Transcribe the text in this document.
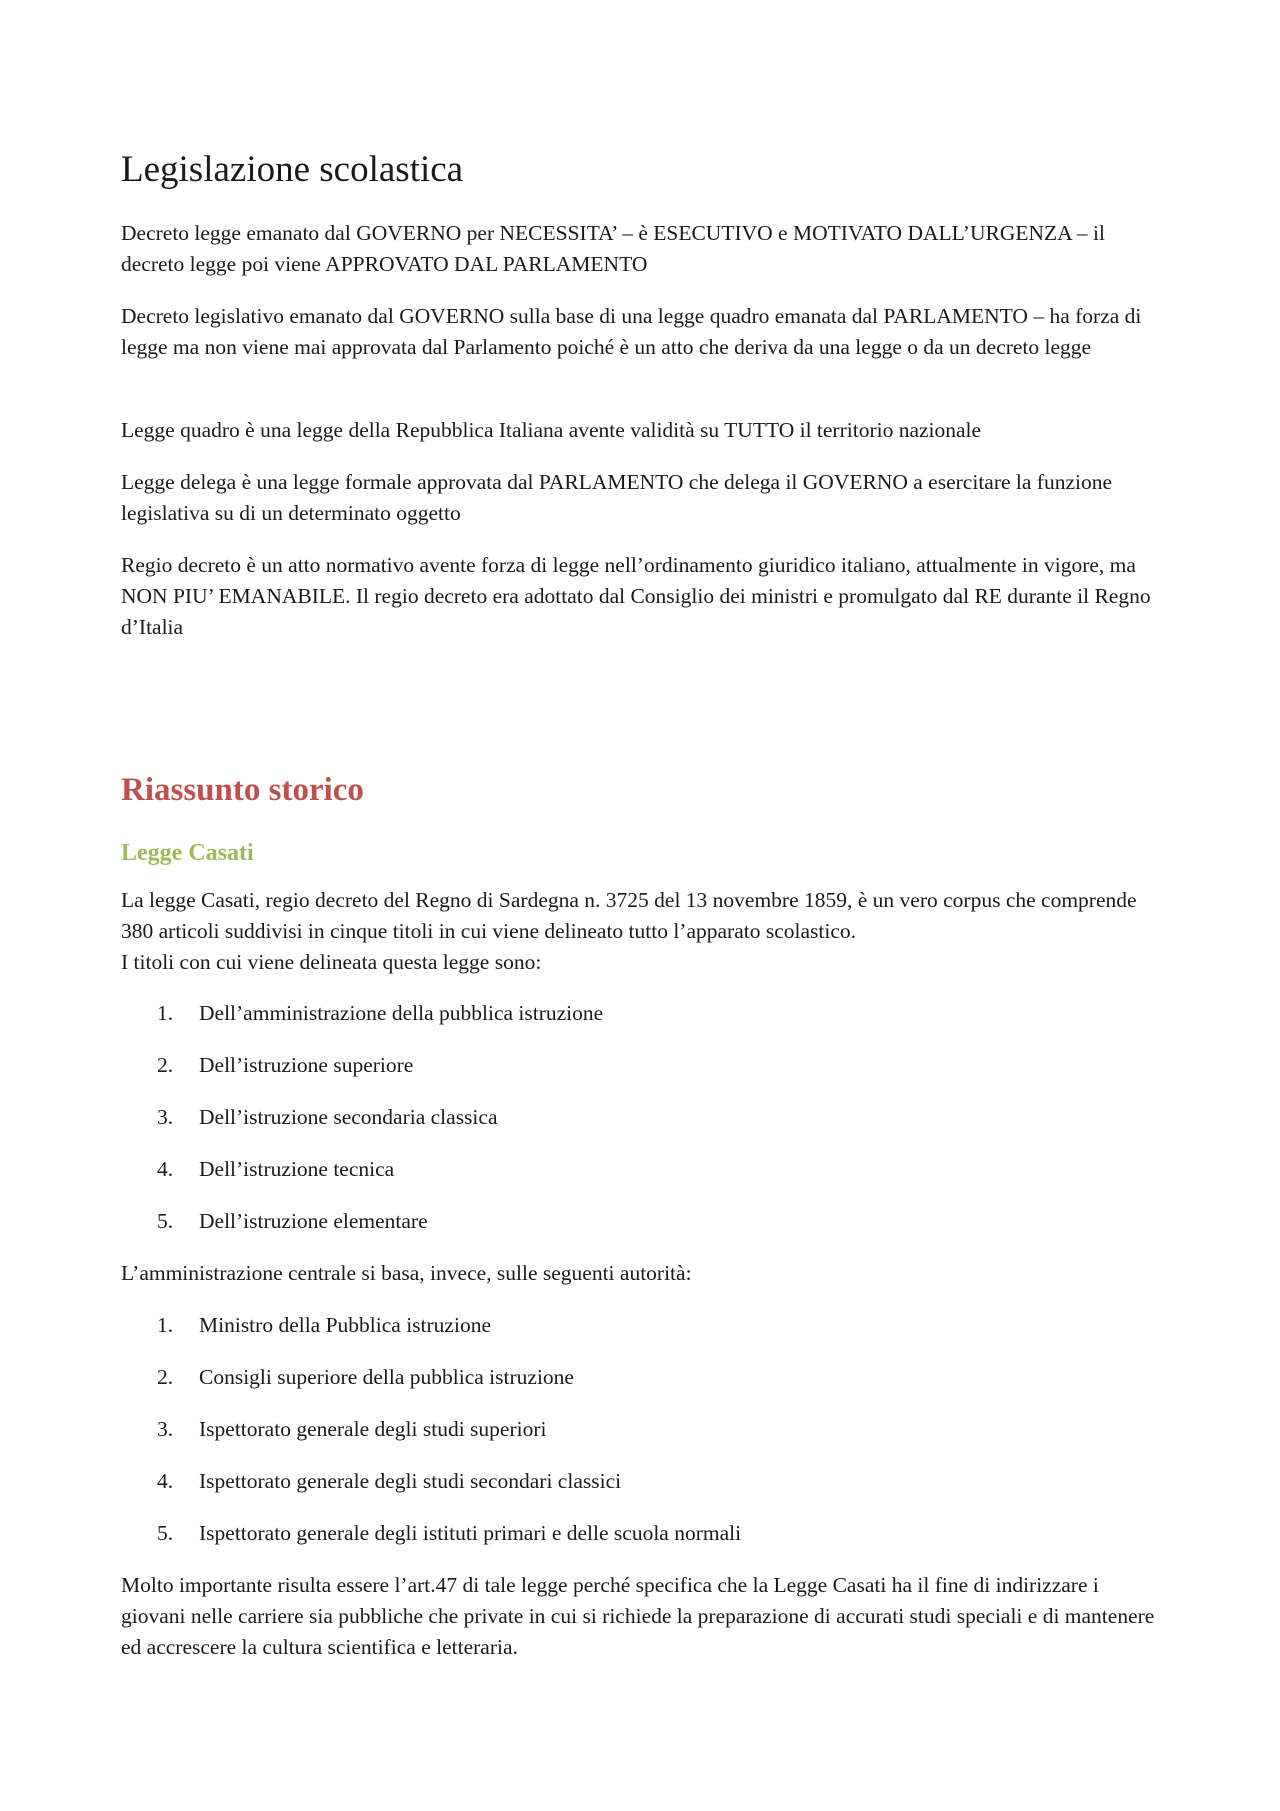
Legislazione scolastica

Decreto legge emanato dal GOVERNO per NECESSITA’ – è ESECUTIVO e MOTIVATO DALL’URGENZA – il decreto legge poi viene APPROVATO DAL PARLAMENTO

Decreto legislativo emanato dal GOVERNO sulla base di una legge quadro emanata dal PARLAMENTO – ha forza di legge ma non viene mai approvata dal Parlamento poiché è un atto che deriva da una legge o da un decreto legge

Legge quadro è una legge della Repubblica Italiana avente validità su TUTTO il territorio nazionale

Legge delega è una legge formale approvata dal PARLAMENTO che delega il GOVERNO a esercitare la funzione legislativa su di un determinato oggetto

Regio decreto è un atto normativo avente forza di legge nell’ordinamento giuridico italiano, attualmente in vigore, ma NON PIU’ EMANABILE. Il regio decreto era adottato dal Consiglio dei ministri e promulgato dal RE durante il Regno d’Italia

Riassunto storico
Legge Casati

La legge Casati, regio decreto del Regno di Sardegna n. 3725 del 13 novembre 1859, è un vero corpus che comprende 380 articoli suddivisi in cinque titoli in cui viene delineato tutto l’apparato scolastico.

I titoli con cui viene delineata questa legge sono:

1.	Dell’amministrazione della pubblica istruzione
2.	Dell’istruzione superiore
3.	Dell’istruzione secondaria classica
4.	Dell’istruzione tecnica
5.	Dell’istruzione elementare

L’amministrazione centrale si basa, invece, sulle seguenti autorità:

1.	Ministro della Pubblica istruzione
2.	Consigli superiore della pubblica istruzione
3.	Ispettorato generale degli studi superiori
4.	Ispettorato generale degli studi secondari classici
5.	Ispettorato generale degli istituti primari e delle scuola normali

Molto importante risulta essere l’art.47 di tale legge perché specifica che la Legge Casati ha il fine di indirizzare i giovani nelle carriere sia pubbliche che private in cui si richiede la preparazione di accurati studi speciali e di mantenere ed accrescere la cultura scientifica e letteraria.
